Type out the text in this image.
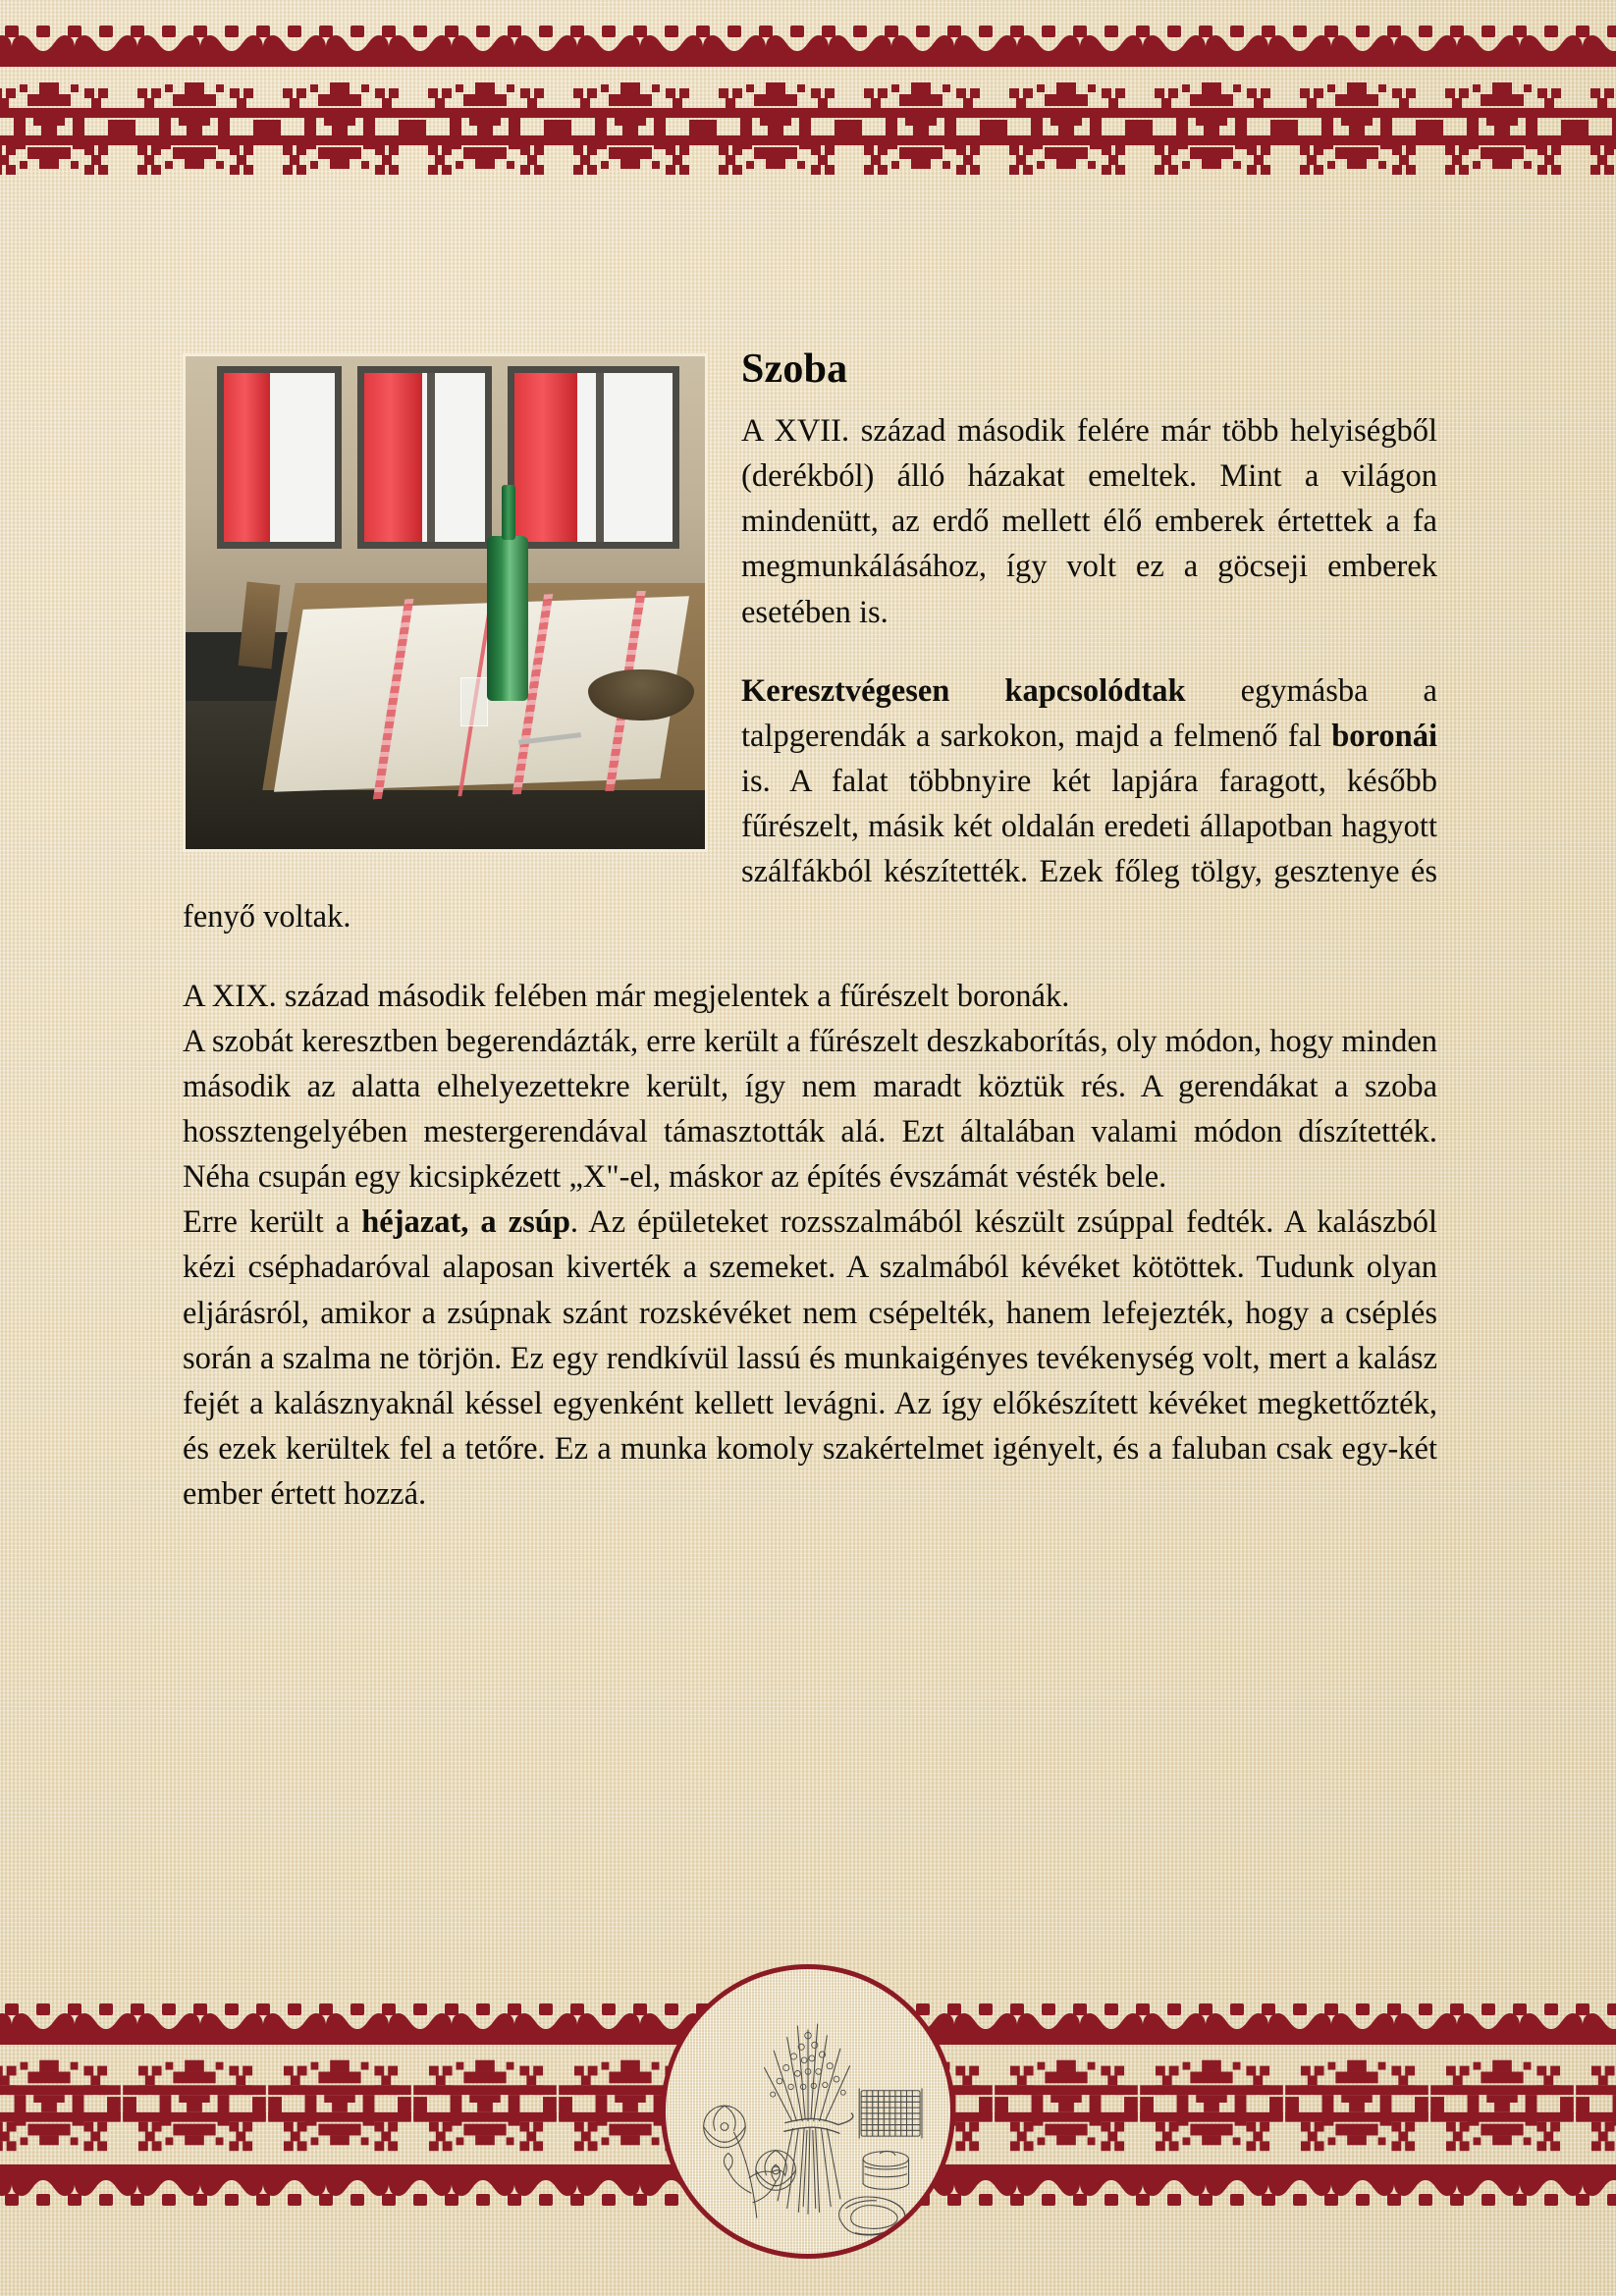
Szoba

A XVII. század második felére már több helyiségből (derékból) álló házakat emeltek. Mint a világon mindenütt, az erdő mellett élő emberek értettek a fa megmunkálásához, így volt ez a göcseji emberek esetében is.

Keresztvégesen kapcsolódtak egymásba a talpgerendák a sarkokon, majd a felmenő fal boronái is. A falat többnyire két lapjára faragott, később fűrészelt, másik két oldalán eredeti állapotban hagyott szálfákból készítették. Ezek főleg tölgy, gesztenye és fenyő voltak.

A XIX. század második felében már megjelentek a fűrészelt boronák.

A szobát keresztben begerendázták, erre került a fűrészelt deszkaborítás, oly módon, hogy minden második az alatta elhelyezettekre került, így nem maradt köztük rés. A gerendákat a szoba hossztengelyében mestergerendával támasztották alá. Ezt általában valami módon díszítették. Néha csupán egy kicsipkézett „X"-el, máskor az építés évszámát vésték bele.

Erre került a héjazat, a zsúp. Az épületeket rozsszalmából készült zsúppal fedték. A kalászból kézi cséphadaróval alaposan kiverték a szemeket. A szalmából kévéket kötöttek. Tudunk olyan eljárásról, amikor a zsúpnak szánt rozskévéket nem csépelték, hanem lefejezték, hogy a cséplés során a szalma ne törjön. Ez egy rendkívül lassú és munkaigényes tevékenység volt, mert a kalász fejét a kalásznyaknál késsel egyenként kellett levágni. Az így előkészített kévéket megkettőzték, és ezek kerültek fel a tetőre. Ez a munka komoly szakértelmet igényelt, és a faluban csak egy-két ember értett hozzá.
